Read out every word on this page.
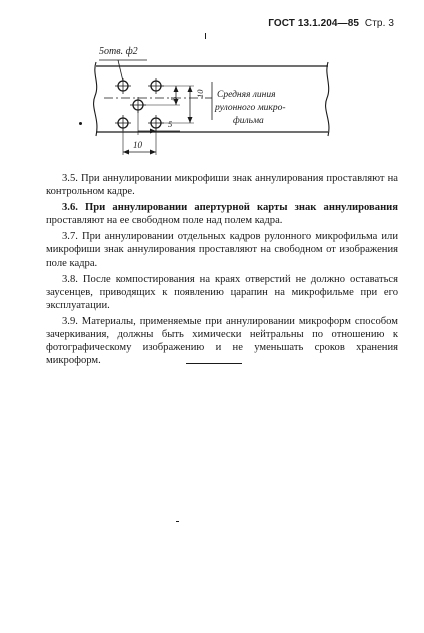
ГОСТ 13.1.204—85 Стр. 3
5отв. ф2
Средняя линия
рулонного микро-
фильма
10
5
5
10

3.5. При аннулировании микрофиши знак аннулирования проставляют на контрольном кадре.

3.6. При аннулировании апертурной карты знак аннулирования проставляют на ее свободном поле над полем кадра.

3.7. При аннулировании отдельных кадров рулонного микрофильма или микрофиши знак аннулирования проставляют на свободном от изображения поле кадра.

3.8. После компостирования на краях отверстий не должно оставаться заусенцев, приводящих к появлению царапин на микрофильме при его эксплуатации.

3.9. Материалы, применяемые при аннулировании микроформ способом зачеркивания, должны быть химически нейтральны по отношению к фотографическому изображению и не уменьшать сроков хранения микроформ.
